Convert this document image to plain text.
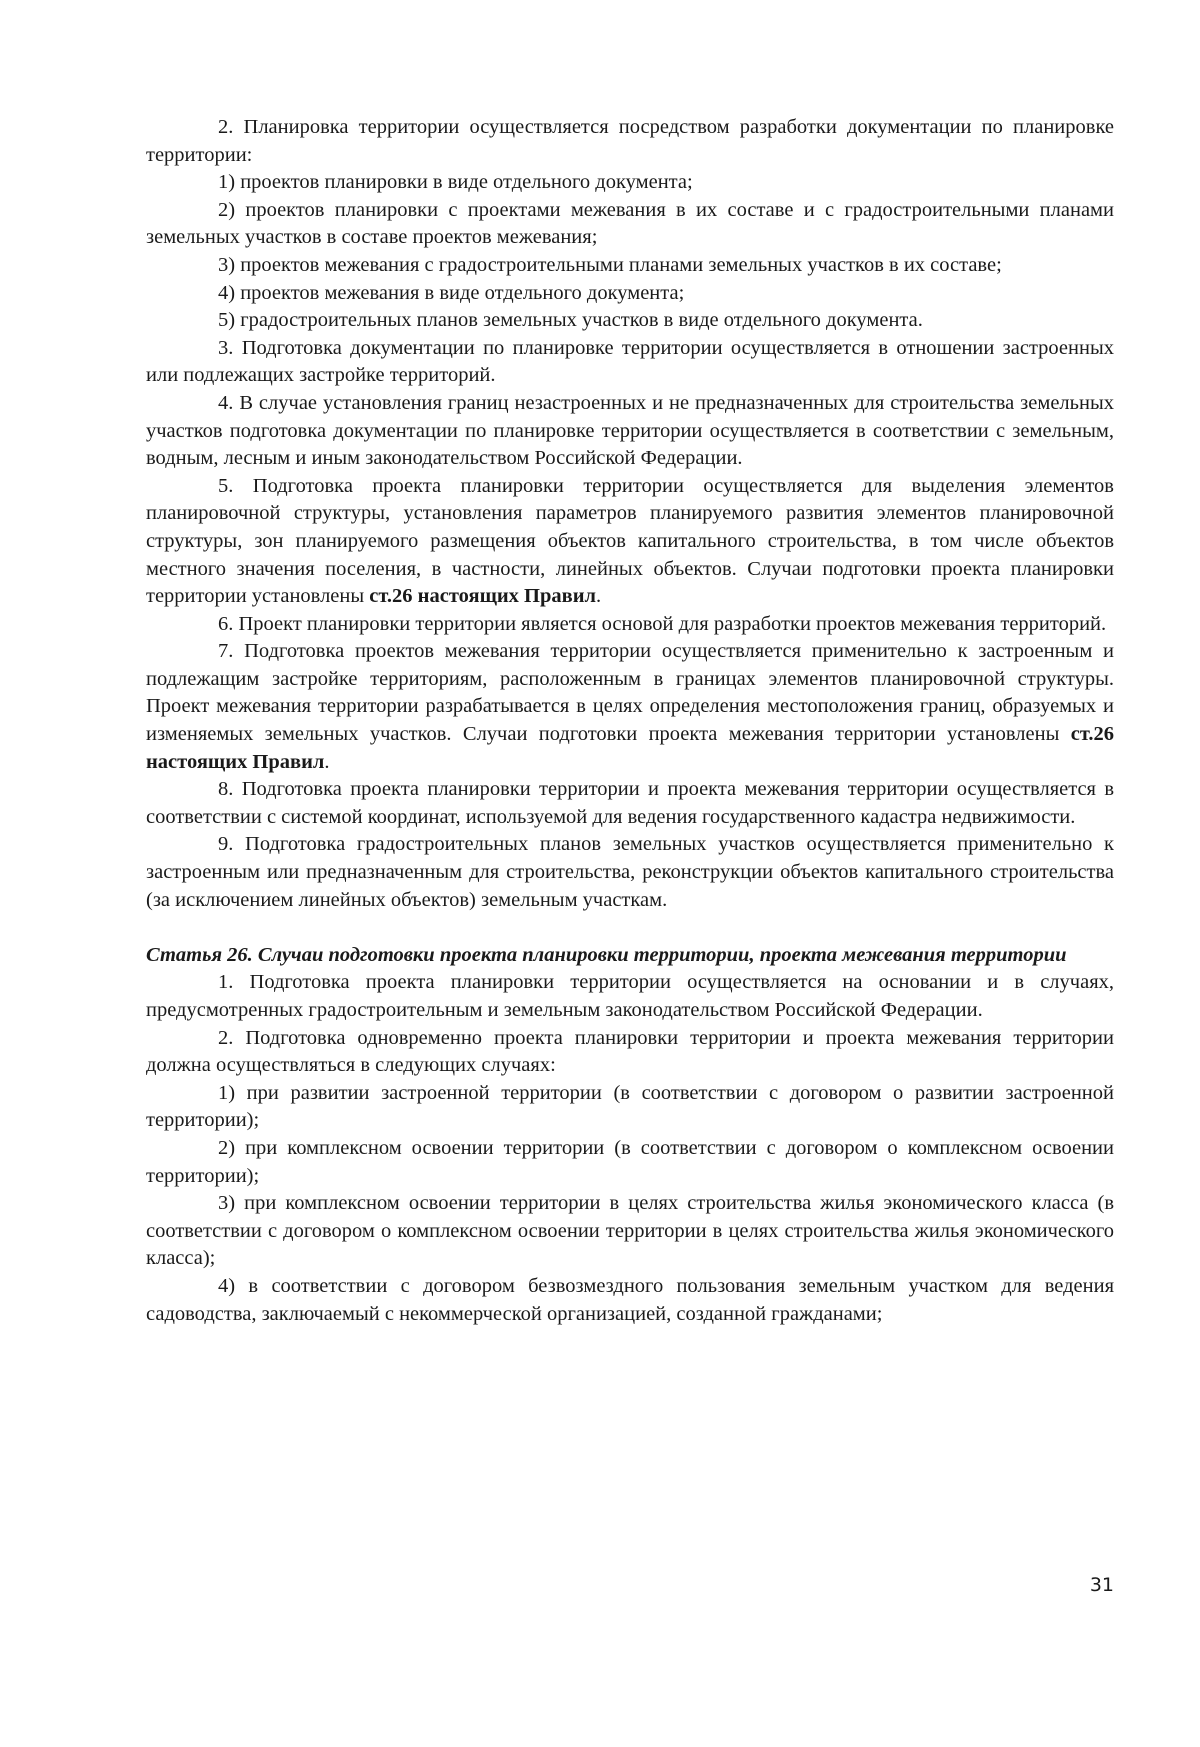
2. Планировка территории осуществляется посредством разработки документации по планировке территории:

1) проектов планировки в виде отдельного документа;

2) проектов планировки с проектами межевания в их составе и с градостроительными планами земельных участков в составе проектов межевания;

3) проектов межевания с градостроительными планами земельных участков в их составе;

4) проектов межевания в виде отдельного документа;

5) градостроительных планов земельных участков в виде отдельного документа.

3. Подготовка документации по планировке территории осуществляется в отношении застроенных или подлежащих застройке территорий.

4. В случае установления границ незастроенных и не предназначенных для строительства земельных участков подготовка документации по планировке территории осуществляется в соответствии с земельным, водным, лесным и иным законодательством Российской Федерации.

5. Подготовка проекта планировки территории осуществляется для выделения элементов планировочной структуры, установления параметров планируемого развития элементов планировочной структуры, зон планируемого размещения объектов капитального строительства, в том числе объектов местного значения поселения, в частности, линейных объектов. Случаи подготовки проекта планировки территории установлены ст.26 настоящих Правил.

6. Проект планировки территории является основой для разработки проектов межевания территорий.

7. Подготовка проектов межевания территории осуществляется применительно к застроенным и подлежащим застройке территориям, расположенным в границах элементов планировочной структуры. Проект межевания территории разрабатывается в целях определения местоположения границ, образуемых и изменяемых земельных участков. Случаи подготовки проекта межевания территории установлены ст.26 настоящих Правил.

8. Подготовка проекта планировки территории и проекта межевания территории осуществляется в соответствии с системой координат, используемой для ведения государственного кадастра недвижимости.

9. Подготовка градостроительных планов земельных участков осуществляется применительно к застроенным или предназначенным для строительства, реконструкции объектов капитального строительства (за исключением линейных объектов) земельным участкам.

Статья 26. Случаи подготовки проекта планировки территории, проекта межевания территории

1. Подготовка проекта планировки территории осуществляется на основании и в случаях, предусмотренных градостроительным и земельным законодательством Российской Федерации.

2. Подготовка одновременно проекта планировки территории и проекта межевания территории должна осуществляться в следующих случаях:

1) при развитии застроенной территории (в соответствии с договором о развитии застроенной территории);

2) при комплексном освоении территории (в соответствии с договором о комплексном освоении территории);

3) при комплексном освоении территории в целях строительства жилья экономического класса (в соответствии с договором о комплексном освоении территории в целях строительства жилья экономического класса);

4) в соответствии с договором безвозмездного пользования земельным участком для ведения садоводства, заключаемый с некоммерческой организацией, созданной гражданами;

31
